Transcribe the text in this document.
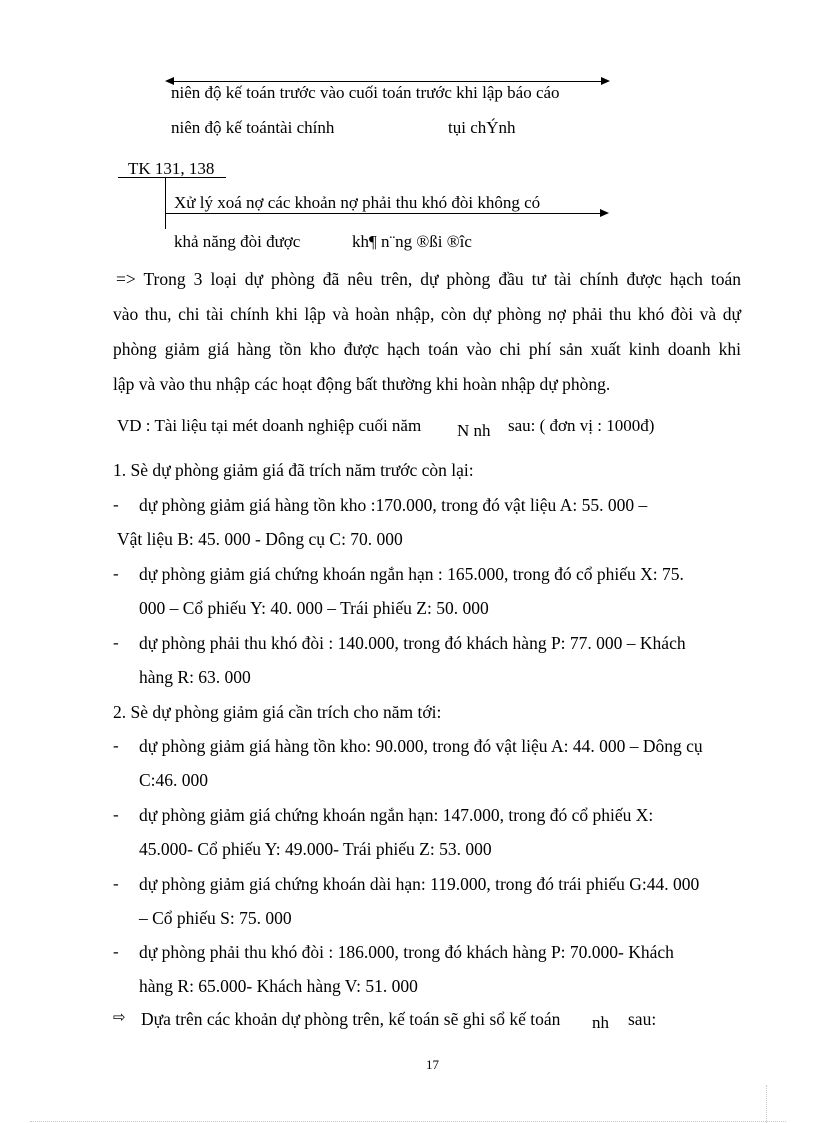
niên độ kế toán trước vào cuối toán trước khi lập báo cáo
niên độ kế toántài chính	tụi chÝnh
TK 131, 138
Xử lý xoá nợ các khoản nợ phải thu khó đòi không có
khả năng đòi được	kh¶ n¨ng ®ßi ®îc
=> Trong 3 loại dự phòng đã nêu trên, dự phòng đầu tư tài chính được hạch toán
vào thu, chi tài chính khi lập và hoàn nhập, còn dự phòng nợ phải thu khó đòi và dự
phòng giảm giá hàng tồn kho được hạch toán vào chi phí sản xuất kinh doanh khi
lập và vào thu nhập các hoạt động bất thường khi hoàn nhập dự phòng.
VD : Tài liệu tại mét doanh nghiệp cuối năm N nh sau: ( đơn vị : 1000đ)
1. Sè dự phòng giảm giá đã trích năm trước còn lại:
- dự phòng giảm giá hàng tồn kho :170.000, trong đó vật liệu A: 55. 000 –
Vật liệu B: 45. 000 - Dông cụ C: 70. 000
- dự phòng giảm giá chứng khoán ngắn hạn : 165.000, trong đó cổ phiếu X: 75.
000 – Cổ phiếu Y: 40. 000 – Trái phiếu Z: 50. 000
- dự phòng phải thu khó đòi : 140.000, trong đó khách hàng P: 77. 000 – Khách
hàng R: 63. 000
2. Sè dự phòng giảm giá cần trích cho năm tới:
- dự phòng giảm giá hàng tồn kho: 90.000, trong đó vật liệu A: 44. 000 – Dông cụ
C:46. 000
- dự phòng giảm giá chứng khoán ngắn hạn: 147.000, trong đó cổ phiếu X:
45.000- Cổ phiếu Y: 49.000- Trái phiếu Z: 53. 000
- dự phòng giảm giá chứng khoán dài hạn: 119.000, trong đó trái phiếu G:44. 000
– Cổ phiếu S: 75. 000
- dự phòng phải thu khó đòi : 186.000, trong đó khách hàng P: 70.000- Khách
hàng R: 65.000- Khách hàng V: 51. 000
⇨ Dựa trên các khoản dự phòng trên, kế toán sẽ ghi sổ kế toán nh sau:
17
